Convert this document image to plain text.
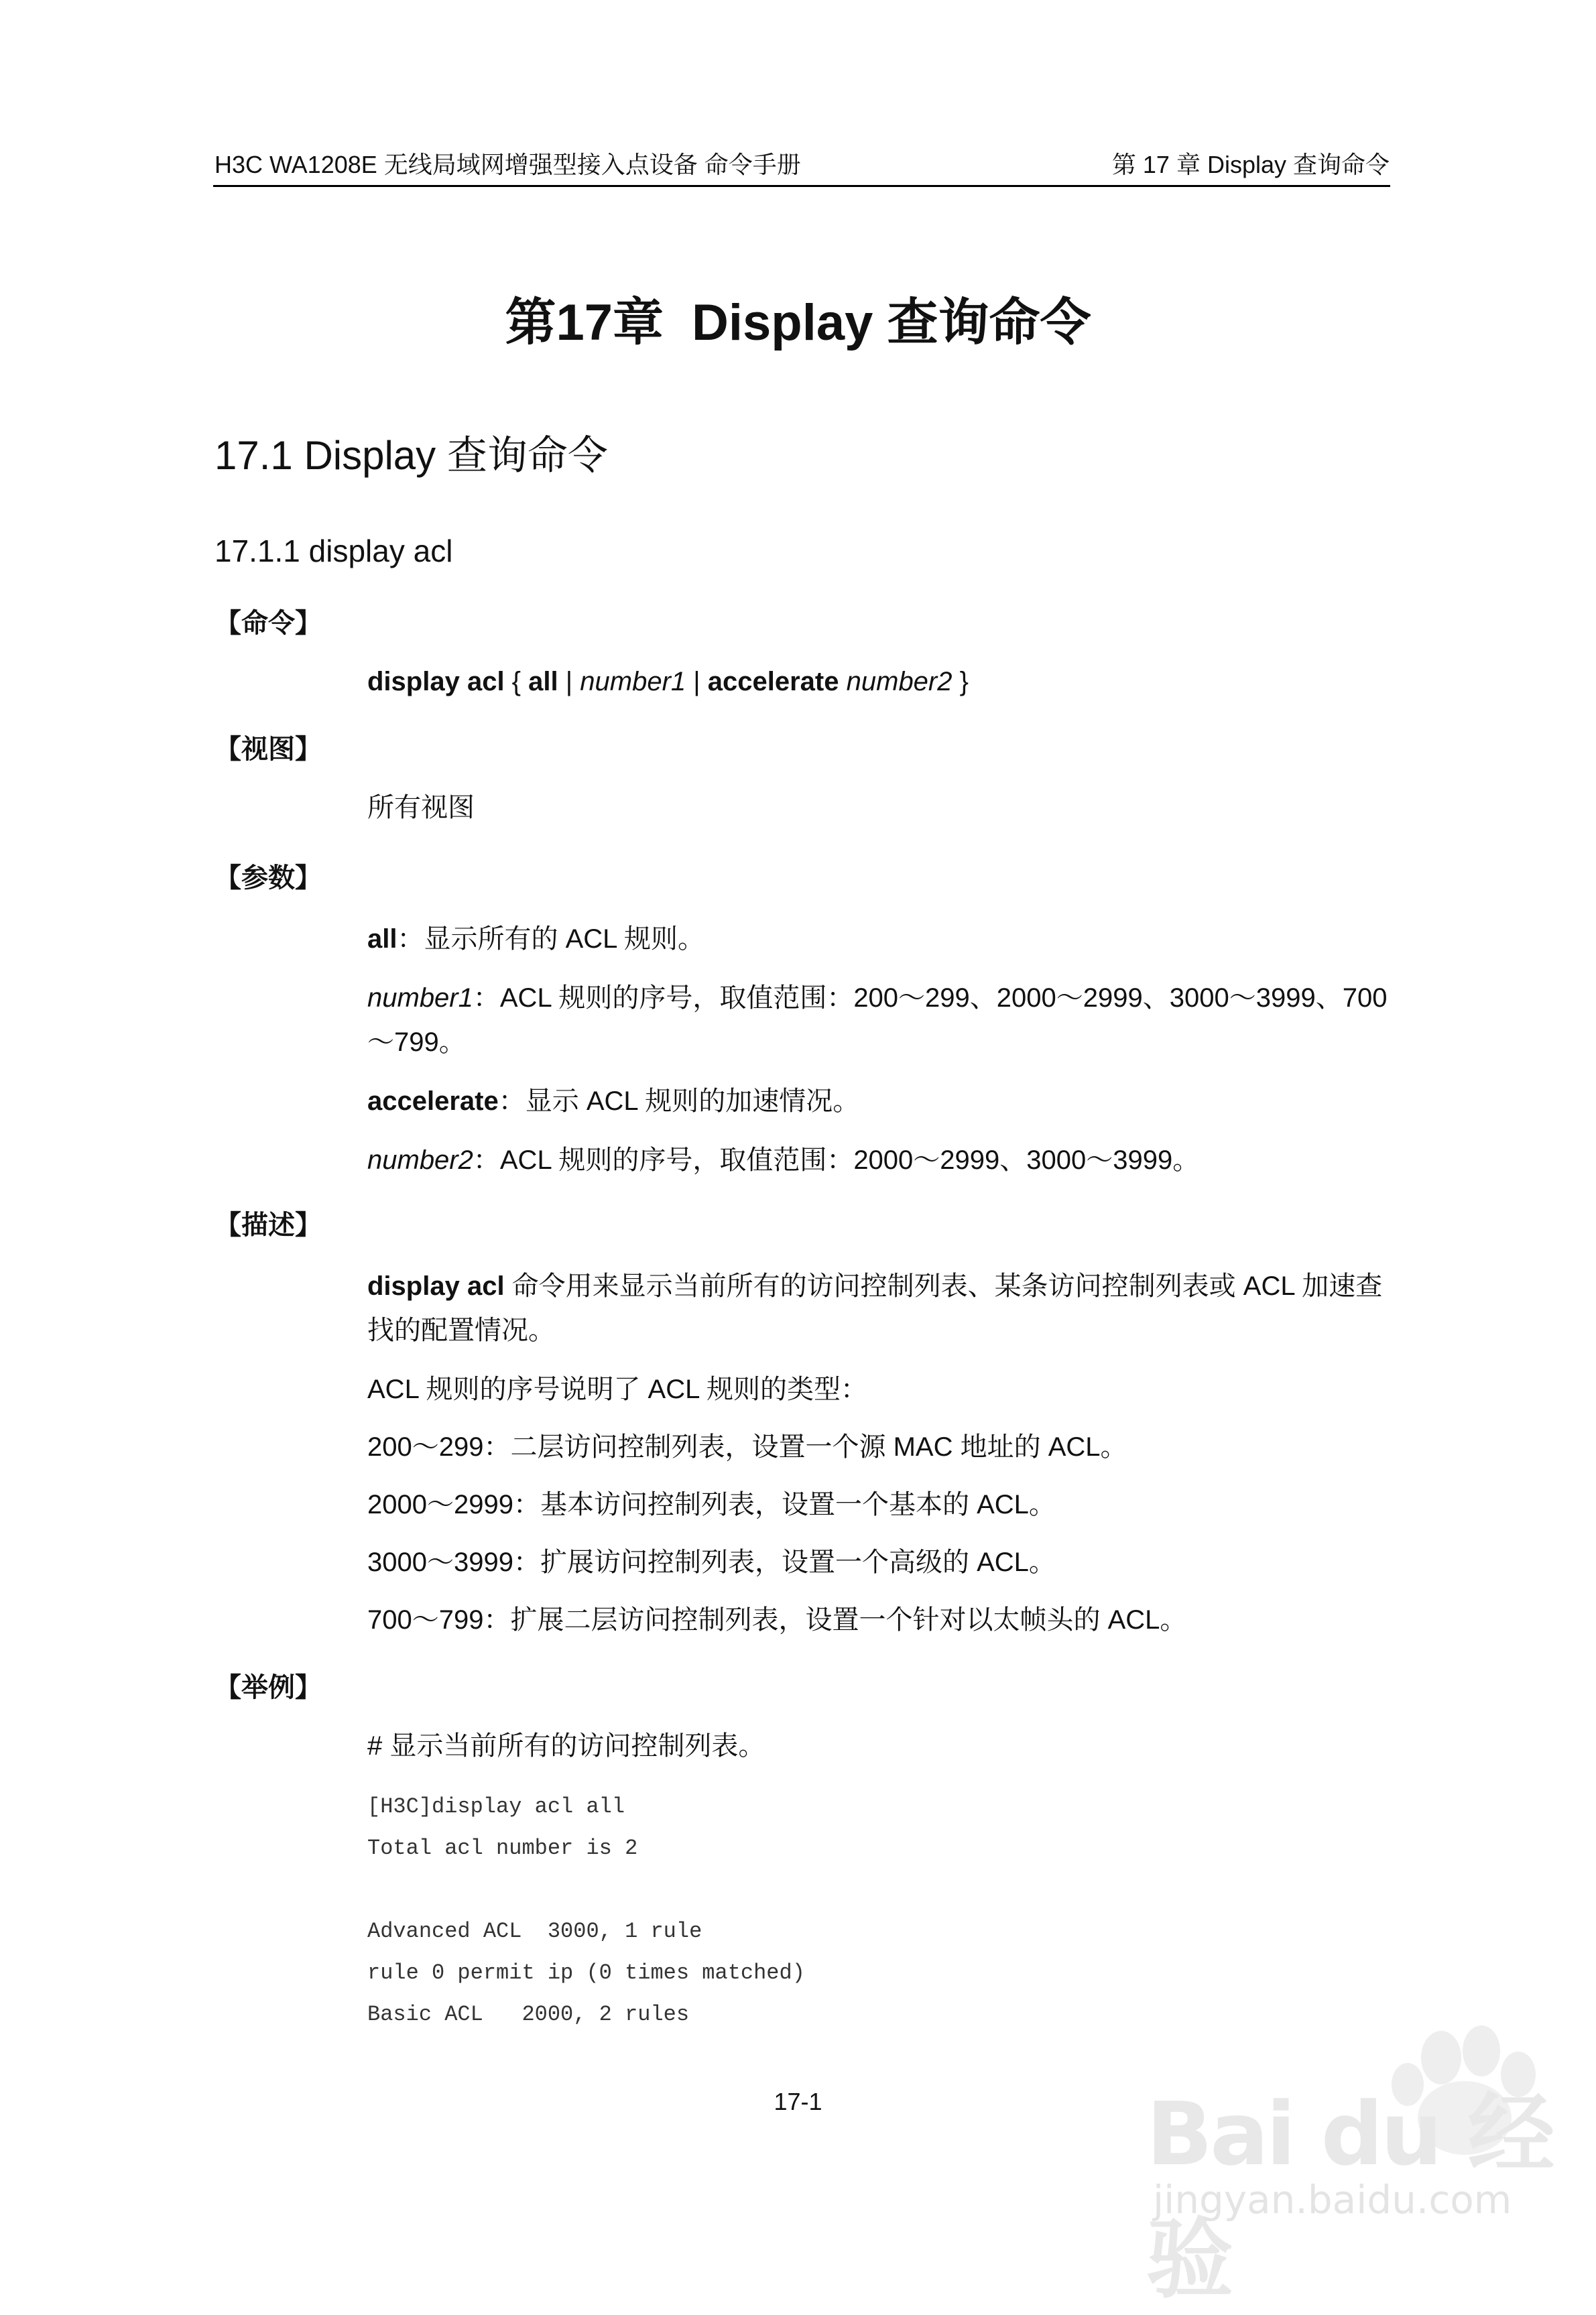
H3C WA1208E 无线局域网增强型接入点设备 命令手册	第 17 章 Display 查询命令
第17章 Display 查询命令
17.1 Display 查询命令
17.1.1 display acl
【命令】
display acl { all | number1 | accelerate number2 }
【视图】
所有视图
【参数】
all：显示所有的 ACL 规则。
number1：ACL 规则的序号，取值范围：200～299、2000～2999、3000～3999、700～799。
accelerate：显示 ACL 规则的加速情况。
number2：ACL 规则的序号，取值范围：2000～2999、3000～3999。
【描述】
display acl 命令用来显示当前所有的访问控制列表、某条访问控制列表或 ACL 加速查找的配置情况。
ACL 规则的序号说明了 ACL 规则的类型：
200～299：二层访问控制列表，设置一个源 MAC 地址的 ACL。
2000～2999：基本访问控制列表，设置一个基本的 ACL。
3000～3999：扩展访问控制列表，设置一个高级的 ACL。
700～799：扩展二层访问控制列表，设置一个针对以太帧头的 ACL。
【举例】
# 显示当前所有的访问控制列表。
[H3C]display acl all
Total acl number is 2
Advanced ACL  3000, 1 rule
rule 0 permit ip (0 times matched)
Basic ACL   2000, 2 rules
17-1	Bai du 经验
jingyan.baidu.com
